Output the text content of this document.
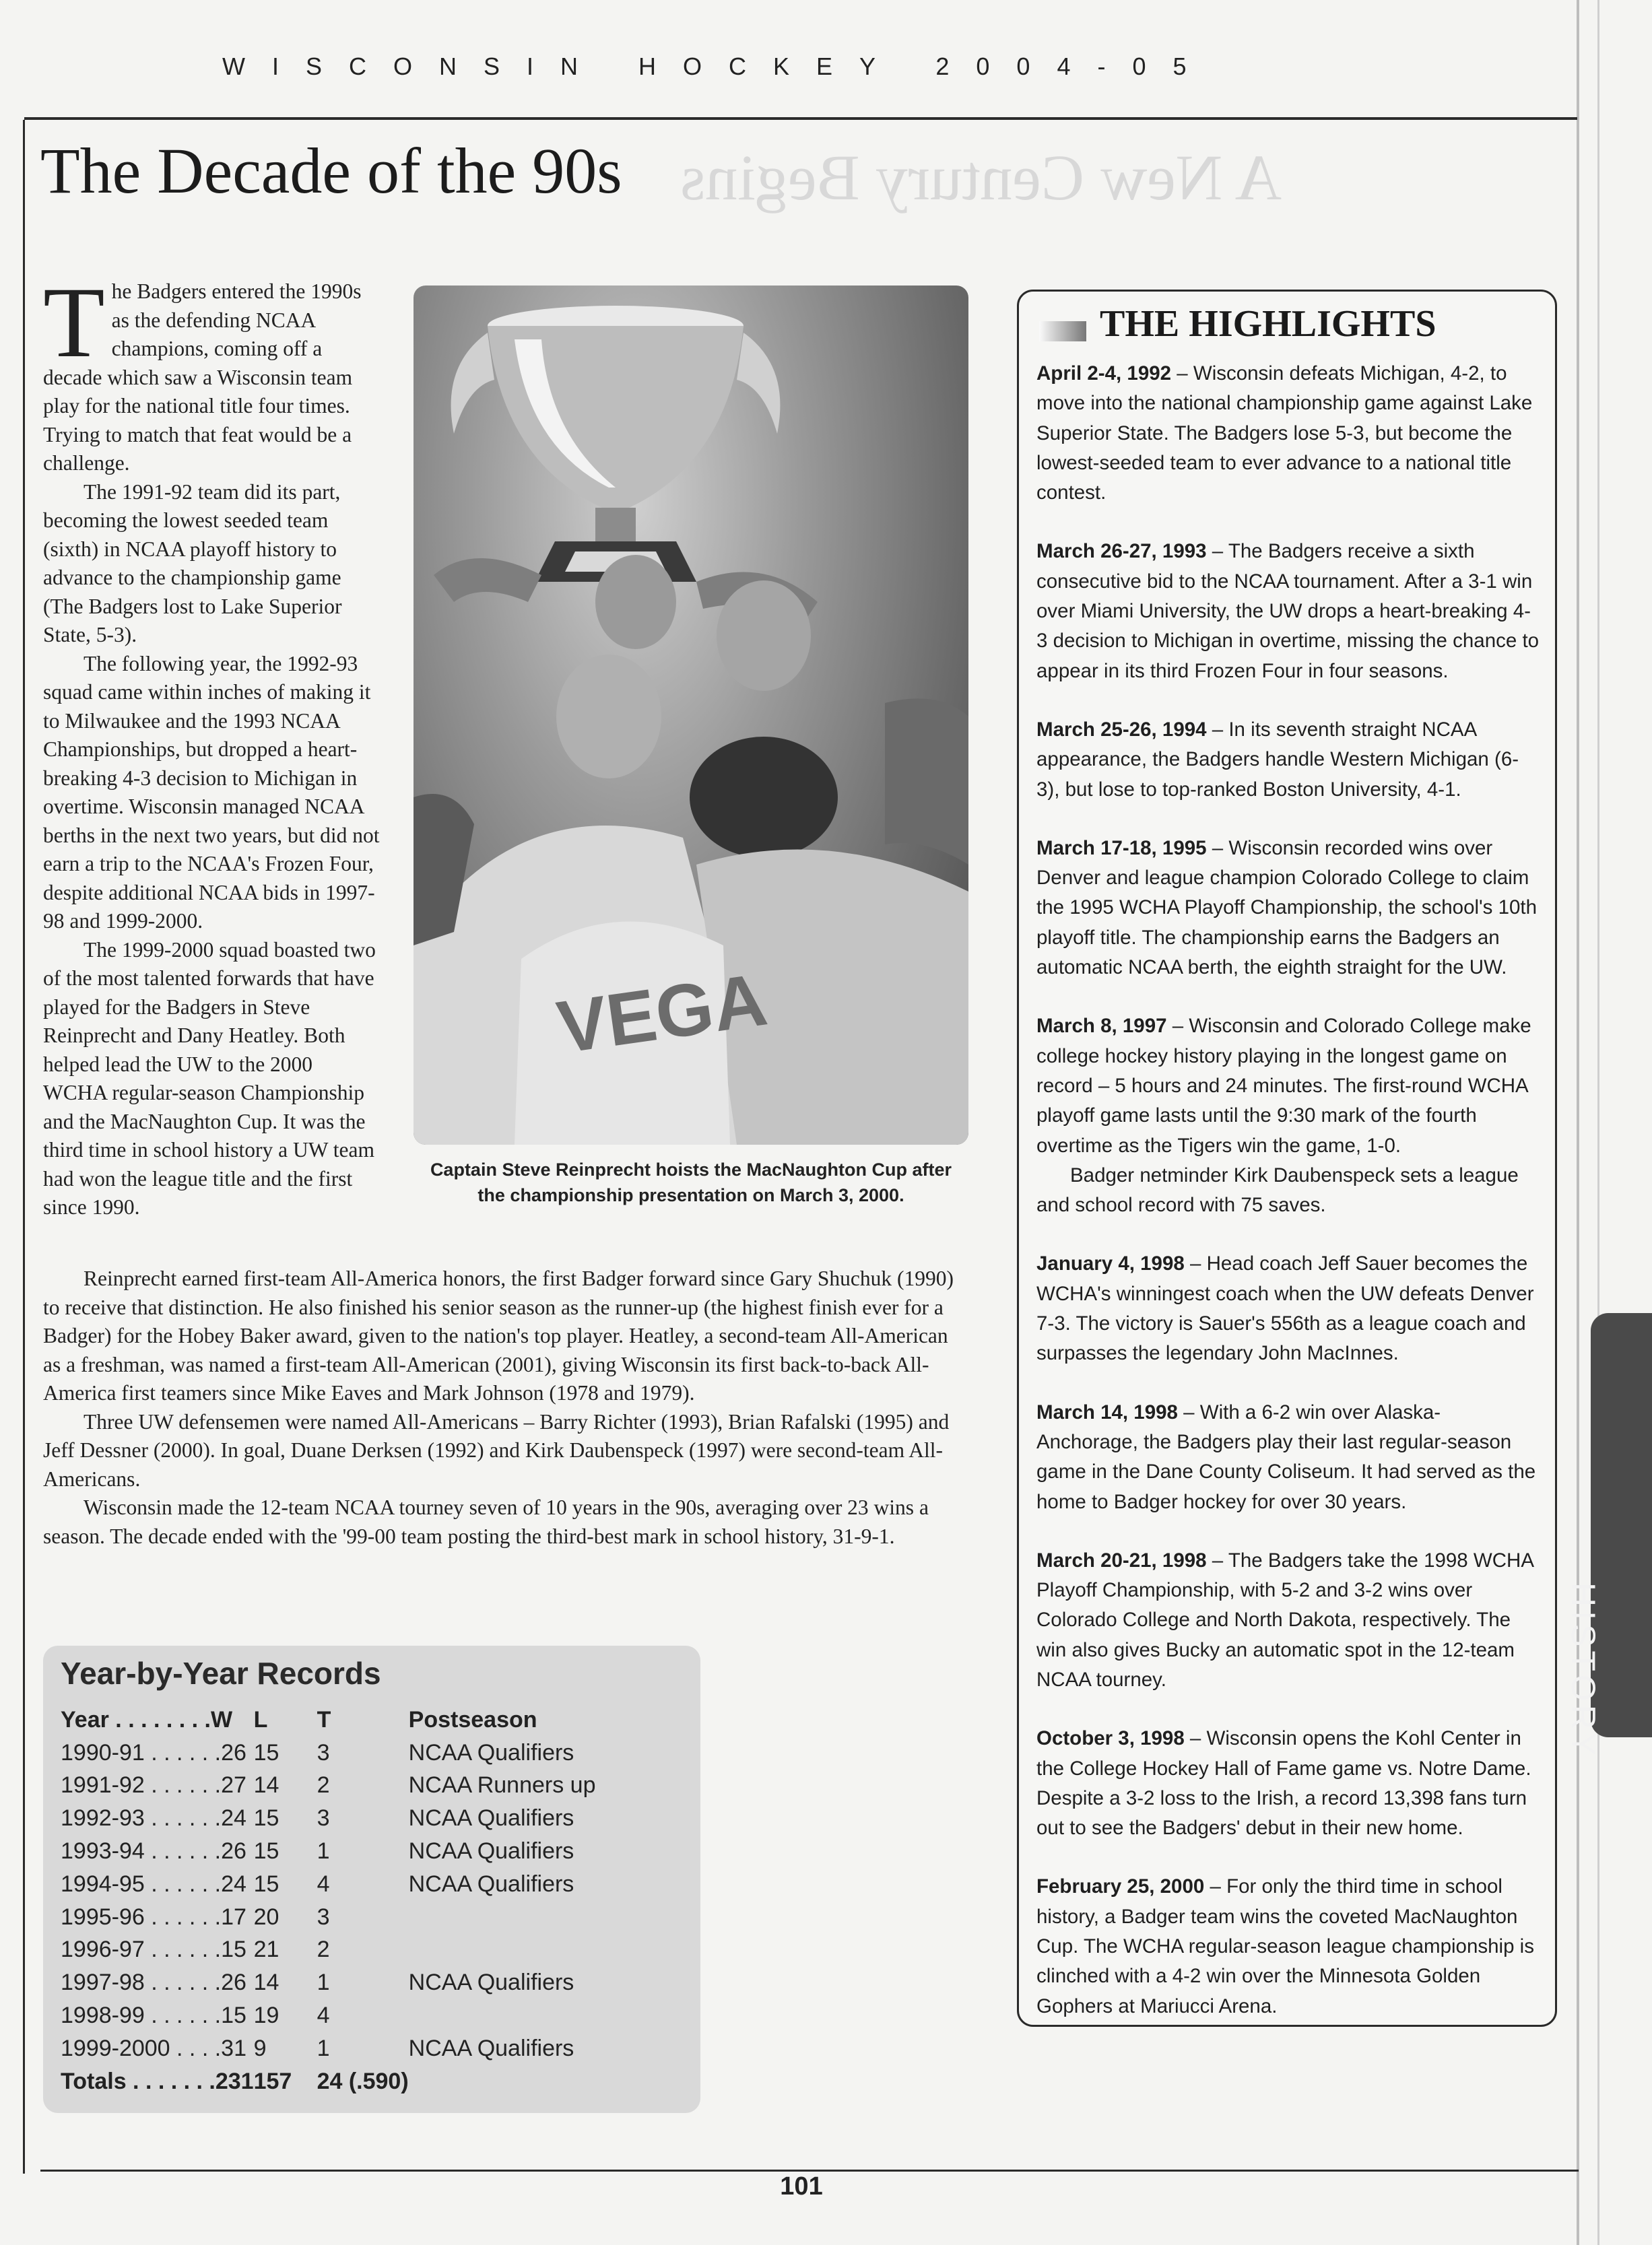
WISCONSIN HOCKEY 2004-05
A New Century Begins
The Decade of the 90s

The Badgers entered the 1990s as the defending NCAA champions, coming off a decade which saw a Wisconsin team play for the national title four times. Trying to match that feat would be a challenge.

The 1991-92 team did its part, becoming the lowest seeded team (sixth) in NCAA playoff history to advance to the championship game (The Badgers lost to Lake Superior State, 5-3).

The following year, the 1992-93 squad came within inches of making it to Milwaukee and the 1993 NCAA Championships, but dropped a heart-breaking 4-3 decision to Michigan in overtime. Wisconsin managed NCAA berths in the next two years, but did not earn a trip to the NCAA's Frozen Four, despite additional NCAA bids in 1997-98 and 1999-2000.

The 1999-2000 squad boasted two of the most talented forwards that have played for the Badgers in Steve Reinprecht and Dany Heatley. Both helped lead the UW to the 2000 WCHA regular-season Championship and the MacNaughton Cup. It was the third time in school history a UW team had won the league title and the first since 1990.

VEGA
Captain Steve Reinprecht hoists the MacNaughton Cup after the championship presentation on March 3, 2000.

Reinprecht earned first-team All-America honors, the first Badger forward since Gary Shuchuk (1990) to receive that distinction. He also finished his senior season as the runner-up (the highest finish ever for a Badger) for the Hobey Baker award, given to the nation's top player. Heatley, a second-team All-American as a freshman, was named a first-team All-American (2001), giving Wisconsin its first back-to-back All-America first teamers since Mike Eaves and Mark Johnson (1978 and 1979).

Three UW defensemen were named All-Americans – Barry Richter (1993), Brian Rafalski (1995) and Jeff Dessner (2000). In goal, Duane Derksen (1992) and Kirk Daubenspeck (1997) were second-team All-Americans.

Wisconsin made the 12-team NCAA tourney seven of 10 years in the 90s, averaging over 23 wins a season. The decade ended with the '99-00 team posting the third-best mark in school history, 31-9-1.

Year-by-Year Records
Year . . . . . . . .W	L	T	Postseason
1990-91 . . . . . .26	15	3	NCAA Qualifiers
1991-92 . . . . . .27	14	2	NCAA Runners up
1992-93 . . . . . .24	15	3	NCAA Qualifiers
1993-94 . . . . . .26	15	1	NCAA Qualifiers
1994-95 . . . . . .24	15	4	NCAA Qualifiers
1995-96 . . . . . .17	20	3	
1996-97 . . . . . .15	21	2	
1997-98 . . . . . .26	14	1	NCAA Qualifiers
1998-99 . . . . . .15	19	4	
1999-2000 . . . .31	9	1	NCAA Qualifiers
Totals . . . . . . .231	157	24 (.590)	
THE HIGHLIGHTS

April 2-4, 1992 – Wisconsin defeats Michigan, 4-2, to move into the national championship game against Lake Superior State. The Badgers lose 5-3, but become the lowest-seeded team to ever advance to a national title contest.

March 26-27, 1993 – The Badgers receive a sixth consecutive bid to the NCAA tournament. After a 3-1 win over Miami University, the UW drops a heart-breaking 4-3 decision to Michigan in overtime, missing the chance to appear in its third Frozen Four in four seasons.

March 25-26, 1994 – In its seventh straight NCAA appearance, the Badgers handle Western Michigan (6-3), but lose to top-ranked Boston University, 4-1.

March 17-18, 1995 – Wisconsin recorded wins over Denver and league champion Colorado College to claim the 1995 WCHA Playoff Championship, the school's 10th playoff title. The championship earns the Badgers an automatic NCAA berth, the eighth straight for the UW.

March 8, 1997 – Wisconsin and Colorado College make college hockey history playing in the longest game on record – 5 hours and 24 minutes. The first-round WCHA playoff game lasts until the 9:30 mark of the fourth overtime as the Tigers win the game, 1-0.

Badger netminder Kirk Daubenspeck sets a league and school record with 75 saves.

January 4, 1998 – Head coach Jeff Sauer becomes the WCHA's winningest coach when the UW defeats Denver 7-3. The victory is Sauer's 556th as a league coach and surpasses the legendary John MacInnes.

March 14, 1998 – With a 6-2 win over Alaska-Anchorage, the Badgers play their last regular-season game in the Dane County Coliseum. It had served as the home to Badger hockey for over 30 years.

March 20-21, 1998 – The Badgers take the 1998 WCHA Playoff Championship, with 5-2 and 3-2 wins over Colorado College and North Dakota, respectively. The win also gives Bucky an automatic spot in the 12-team NCAA tourney.

October 3, 1998 – Wisconsin opens the Kohl Center in the College Hockey Hall of Fame game vs. Notre Dame. Despite a 3-2 loss to the Irish, a record 13,398 fans turn out to see the Badgers' debut in their new home.

February 25, 2000 – For only the third time in school history, a Badger team wins the coveted MacNaughton Cup. The WCHA regular-season league championship is clinched with a 4-2 win over the Minnesota Golden Gophers at Mariucci Arena.

HISTORY
101
